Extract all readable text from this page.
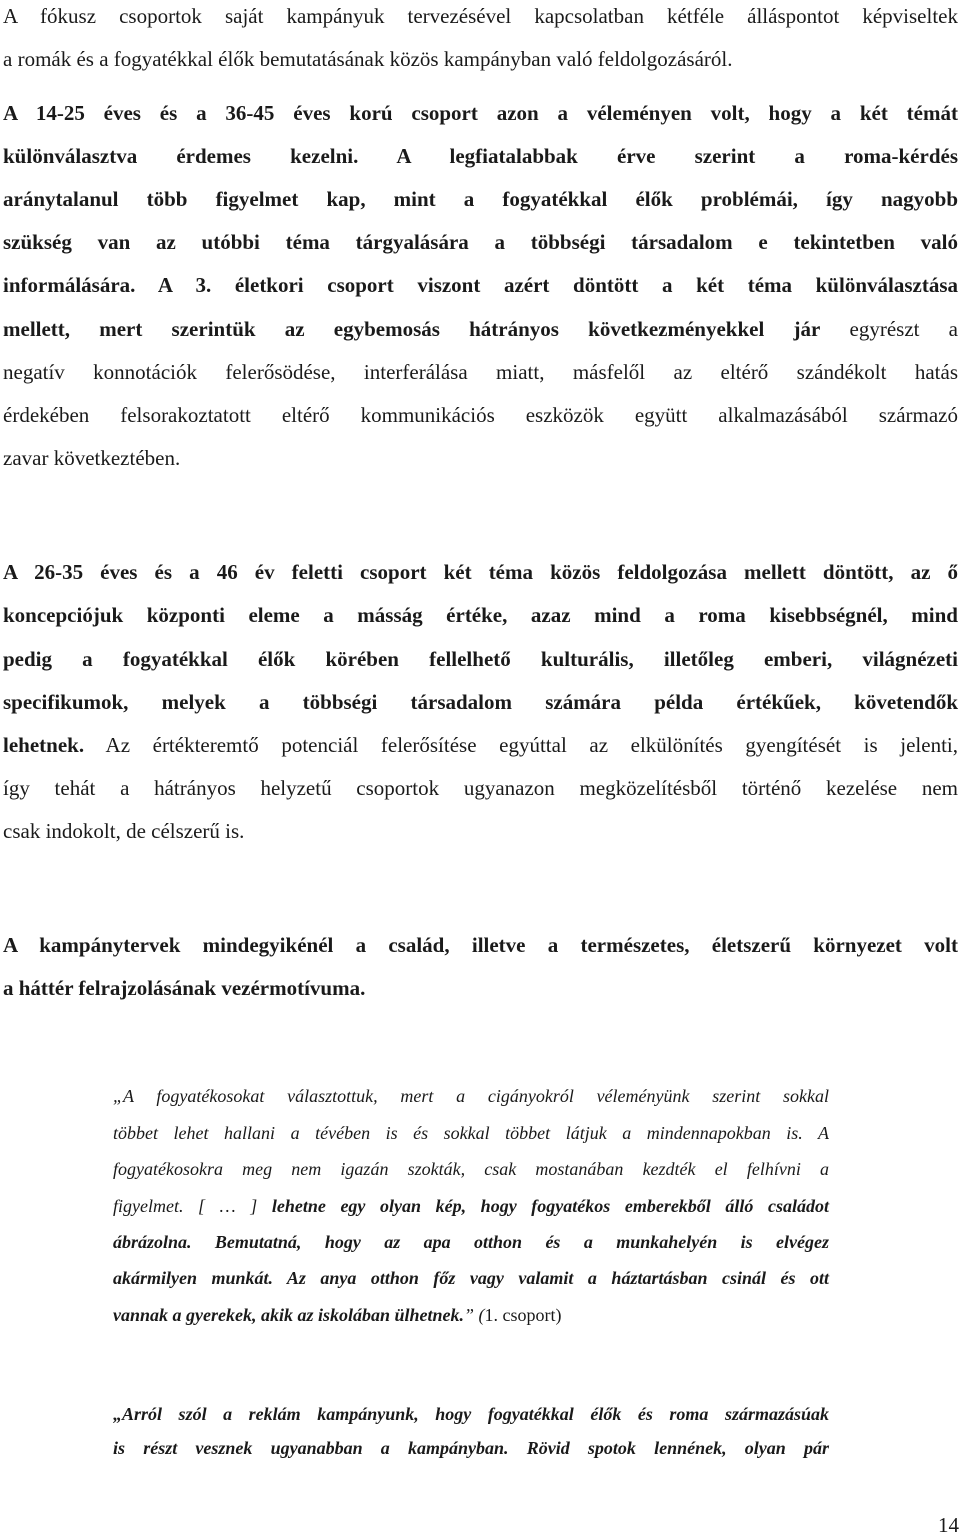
A fókusz csoportok saját kampányuk tervezésével kapcsolatban kétféle álláspontot képviseltek

a romák és a fogyatékkal élők bemutatásának közös kampányban való feldolgozásáról.

A 14-25 éves és a 36-45 éves korú csoport azon a véleményen volt, hogy a két témát

különválasztva érdemes kezelni. A legfiatalabbak érve szerint a roma-kérdés

aránytalanul több figyelmet kap, mint a fogyatékkal élők problémái, így nagyobb

szükség van az utóbbi téma tárgyalására a többségi társadalom e tekintetben való

informálására. A 3. életkori csoport viszont azért döntött a két téma különválasztása

mellett, mert szerintük az egybemosás hátrányos következményekkel jár egyrészt a

negatív konnotációk felerősödése, interferálása miatt, másfelől az eltérő szándékolt hatás

érdekében felsorakoztatott eltérő kommunikációs eszközök együtt alkalmazásából származó

zavar következtében.

A 26-35 éves és a 46 év feletti csoport két téma közös feldolgozása mellett döntött, az ő

koncepciójuk központi eleme a másság értéke, azaz mind a roma kisebbségnél, mind

pedig a fogyatékkal élők körében fellelhető kulturális, illetőleg emberi, világnézeti

specifikumok, melyek a többségi társadalom számára példa értékűek, követendők

lehetnek. Az értékteremtő potenciál felerősítése egyúttal az elkülönítés gyengítését is jelenti,

így tehát a hátrányos helyzetű csoportok ugyanazon megközelítésből történő kezelése nem

csak indokolt, de célszerű is.

A kampánytervek mindegyikénél a család, illetve a természetes, életszerű környezet volt

a háttér felrajzolásának vezérmotívuma.

„A fogyatékosokat választottuk, mert a cigányokról véleményünk szerint sokkal

többet lehet hallani a tévében is és sokkal többet látjuk a mindennapokban is. A

fogyatékosokra meg nem igazán szokták, csak mostanában kezdték el felhívni a

figyelmet. [ … ] lehetne egy olyan kép, hogy fogyatékos emberekből álló családot

ábrázolna. Bemutatná, hogy az apa otthon és a munkahelyén is elvégez

akármilyen munkát. Az anya otthon főz vagy valamit a háztartásban csinál és ott

vannak a gyerekek, akik az iskolában ülhetnek.” (1. csoport)

„Arról szól a reklám kampányunk, hogy fogyatékkal élők és roma származásúak

is részt vesznek ugyanabban a kampányban. Rövid spotok lennének, olyan pár

14
